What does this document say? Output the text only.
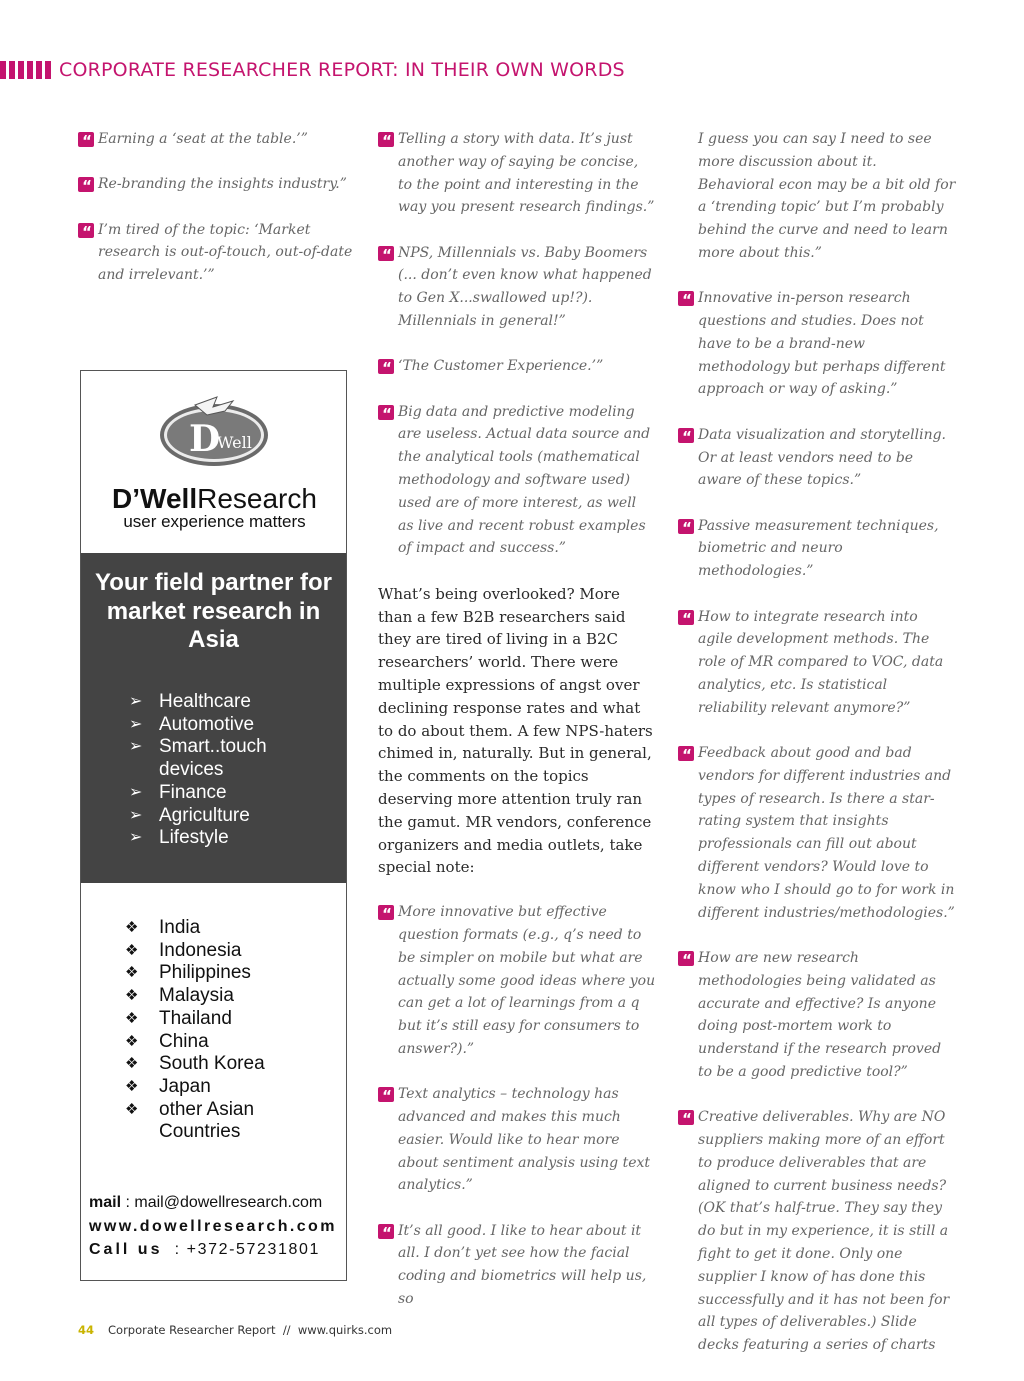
CORPORATE RESEARCHER REPORT: IN THEIR OWN WORDS
“ Earning a ‘seat at the table.’”
“ Re-branding the insights industry.”
“ I’m tired of the topic: ‘Market research is out-of-touch, out-of-date and irrelevant.’”
“ Telling a story with data. It’s just another way of saying be concise, to the point and interesting in the way you present research findings.”
“ NPS, Millennials vs. Baby Boomers (... don’t even know what happened to Gen X...swallowed up!?). Millennials in general!”
“ ‘The Customer Experience.’”
“ Big data and predictive modeling are useless. Actual data source and the analytical tools (mathematical methodology and software used) used are of more interest, as well as live and recent robust examples of impact and success.”

What’s being overlooked? More than a few B2B researchers said they are tired of living in a B2C researchers’ world. There were multiple expressions of angst over declining response rates and what to do about them. A few NPS-haters chimed in, naturally. But in general, the comments on the topics deserving more attention truly ran the gamut. MR vendors, conference organizers and media outlets, take special note:

“ More innovative but effective question formats (e.g., q’s need to be simpler on mobile but what are actually some good ideas where you can get a lot of learnings from a q but it’s still easy for consumers to answer?).”
“ Text analytics – technology has advanced and makes this much easier. Would like to hear more about sentiment analysis using text analytics.”
“ It’s all good. I like to hear about it all. I don’t yet see how the facial coding and biometrics will help us, so
I guess you can say I need to see more discussion about it. Behavioral econ may be a bit old for a ‘trending topic’ but I’m probably behind the curve and need to learn more about this.”
“ Innovative in-person research questions and studies. Does not have to be a brand-new methodology but perhaps different approach or way of asking.”
“ Data visualization and storytelling. Or at least vendors need to be aware of these topics.”
“ Passive measurement techniques, biometric and neuro methodologies.”
“ How to integrate research into agile development methods. The role of MR compared to VOC, data analytics, etc. Is statistical reliability relevant anymore?”
“ Feedback about good and bad vendors for different industries and types of research. Is there a star-rating system that insights professionals can fill out about different vendors? Would love to know who I should go to for work in different industries/methodologies.”
“ How are new research methodologies being validated as accurate and effective? Is anyone doing post-mortem work to understand if the research proved to be a good predictive tool?”
“ Creative deliverables. Why are NO suppliers making more of an effort to produce deliverables that are aligned to current business needs? (OK that’s half-true. They say they do but in my experience, it is still a fight to get it done. Only one supplier I know of has done this successfully and it has not been for all types of deliverables.) Slide decks featuring a series of charts
D
Well
D’WellResearch
user experience matters
Your field partner for market research in Asia
➢ Healthcare
➢ Automotive
➢ Smart..touch devices
➢ Finance
➢ Agriculture
➢ Lifestyle
❖ India
❖ Indonesia
❖ Philippines
❖ Malaysia
❖ Thailand
❖ China
❖ South Korea
❖ Japan
❖ other Asian Countries
mail : mail@dowellresearch.com
www.dowellresearch.com
Call us : +372-57231801
44 Corporate Researcher Report // www.quirks.com
